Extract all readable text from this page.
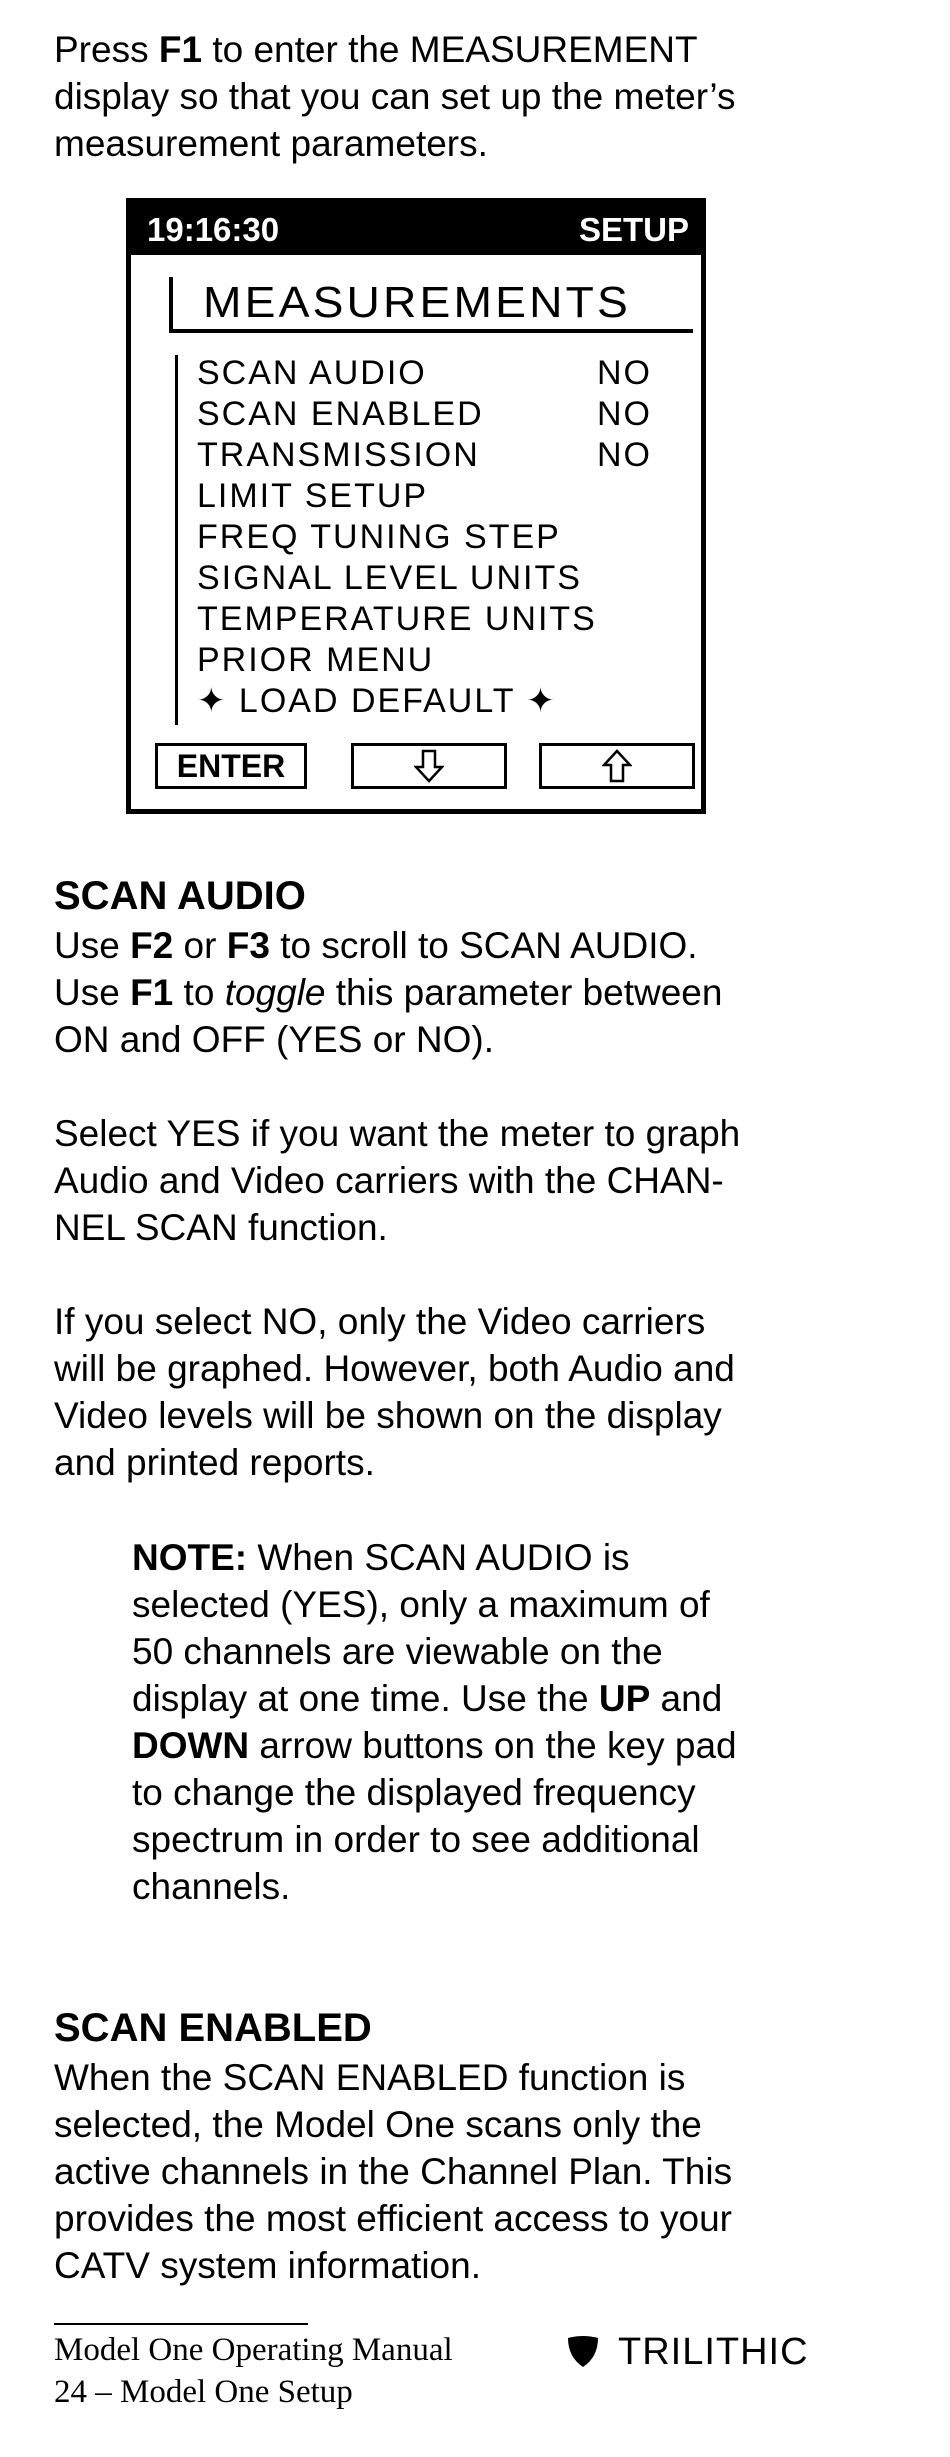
Press F1 to enter the MEASUREMENT
display so that you can set up the meter’s
measurement parameters.

19:16:30	SETUP
MEASUREMENTS
SCAN AUDIO	NO
SCAN ENABLED	NO
TRANSMISSION	NO
LIMIT SETUP
FREQ TUNING STEP
SIGNAL LEVEL UNITS
TEMPERATURE UNITS
PRIOR MENU
✦ LOAD DEFAULT ✦
ENTER
SCAN AUDIO

Use F2 or F3 to scroll to SCAN AUDIO.
Use F1 to toggle this parameter between
ON and OFF (YES or NO).

Select YES if you want the meter to graph
Audio and Video carriers with the CHAN-
NEL SCAN function.

If you select NO, only the Video carriers
will be graphed. However, both Audio and
Video levels will be shown on the display
and printed reports.

NOTE: When SCAN AUDIO is
selected (YES), only a maximum of
50 channels are viewable on the
display at one time. Use the UP and
DOWN arrow buttons on the key pad
to change the displayed frequency
spectrum in order to see additional
channels.

SCAN ENABLED

When the SCAN ENABLED function is
selected, the Model One scans only the
active channels in the Channel Plan. This
provides the most efficient access to your
CATV system information.

Model One Operating Manual
24 – Model One Setup
TRILITHIC
